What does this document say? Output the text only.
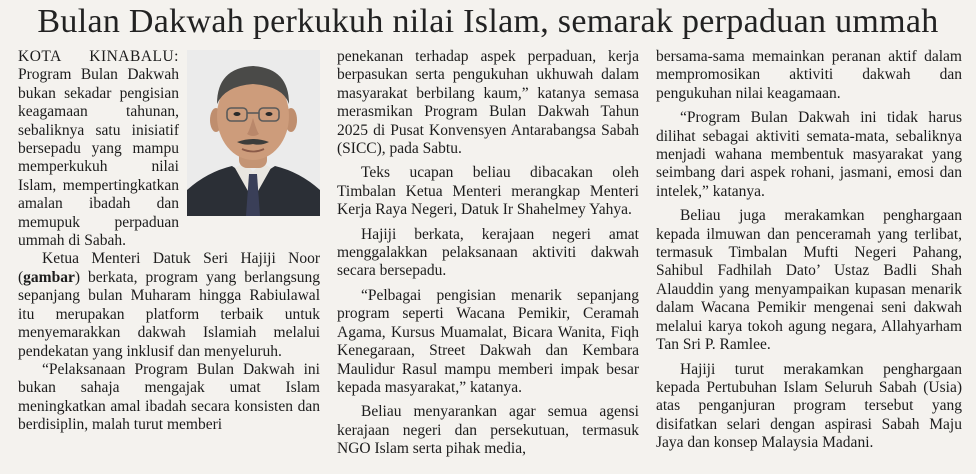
Bulan Dakwah perkukuh nilai Islam, semarak perpaduan ummah

KOTA KINABALU: Program Bulan Dakwah bukan sekadar pengisian keagamaan tahunan, sebaliknya satu inisiatif bersepadu yang mampu memperkukuh nilai Islam, mempertingkatkan amalan ibadah dan memupuk perpaduan ummah di Sabah.

Ketua Menteri Datuk Seri Hajiji Noor (gambar) berkata, program yang berlangsung sepanjang bulan Muharam hingga Rabiulawal itu merupakan platform terbaik untuk menyemarakkan dakwah Islamiah melalui pendekatan yang inklusif dan menyeluruh.

“Pelaksanaan Program Bulan Dakwah ini bukan sahaja mengajak umat Islam meningkatkan amal ibadah secara konsisten dan berdisiplin, malah turut memberi

penekanan terhadap aspek perpaduan, kerja berpasukan serta pengukuhan ukhuwah dalam masyarakat berbilang kaum,” katanya semasa merasmikan Program Bulan Dakwah Tahun 2025 di Pusat Konvensyen Antarabangsa Sabah (SICC), pada Sabtu.

Teks ucapan beliau dibacakan oleh Timbalan Ketua Menteri merangkap Menteri Kerja Raya Negeri, Datuk Ir Shahelmey Yahya.

Hajiji berkata, kerajaan negeri amat menggalakkan pelaksanaan aktiviti dakwah secara bersepadu.

“Pelbagai pengisian menarik sepanjang program seperti Wacana Pemikir, Ceramah Agama, Kursus Muamalat, Bicara Wanita, Fiqh Kenegaraan, Street Dakwah dan Kembara Maulidur Rasul mampu memberi impak besar kepada masyarakat,” katanya.

Beliau menyarankan agar semua agensi kerajaan negeri dan persekutuan, termasuk NGO Islam serta pihak media,

bersama-sama memainkan peranan aktif dalam mempromosikan aktiviti dakwah dan pengukuhan nilai keagamaan.

“Program Bulan Dakwah ini tidak harus dilihat sebagai aktiviti semata-mata, sebaliknya menjadi wahana membentuk masyarakat yang seimbang dari aspek rohani, jasmani, emosi dan intelek,” katanya.

Beliau juga merakamkan penghargaan kepada ilmuwan dan penceramah yang terlibat, termasuk Timbalan Mufti Negeri Pahang, Sahibul Fadhilah Dato’ Ustaz Badli Shah Alauddin yang menyampaikan kupasan menarik dalam Wacana Pemikir mengenai seni dakwah melalui karya tokoh agung negara, Allahyarham Tan Sri P. Ramlee.

Hajiji turut merakamkan penghargaan kepada Pertubuhan Islam Seluruh Sabah (Usia) atas penganjuran program tersebut yang disifatkan selari dengan aspirasi Sabah Maju Jaya dan konsep Malaysia Madani.
